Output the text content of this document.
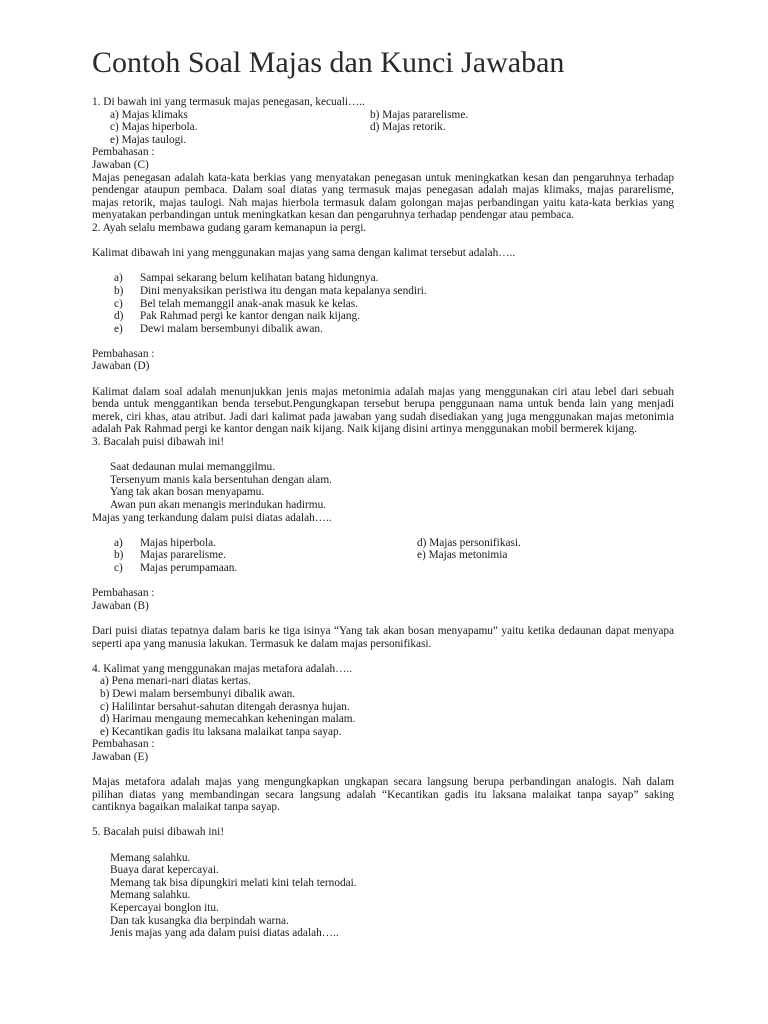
Contoh Soal Majas dan Kunci Jawaban

1. Di bawah ini yang termasuk majas penegasan, kecuali…..

a) Majas klimaks	b) Majas pararelisme.
c) Majas hiperbola.	d) Majas retorik.
e) Majas taulogi.

Pembahasan :

Jawaban (C)

Majas penegasan adalah kata-kata berkias yang menyatakan penegasan untuk meningkatkan kesan dan pengaruhnya terhadap pendengar ataupun pembaca. Dalam soal diatas yang termasuk majas penegasan adalah majas klimaks, majas pararelisme, majas retorik, majas taulogi. Nah majas hierbola termasuk dalam golongan majas perbandingan yaitu kata-kata berkias yang menyatakan perbandingan untuk meningkatkan kesan dan pengaruhnya terhadap pendengar atau pembaca.

2. Ayah selalu membawa gudang garam kemanapun ia pergi.

Kalimat dibawah ini yang menggunakan majas yang sama dengan kalimat tersebut adalah…..

a) Sampai sekarang belum kelihatan batang hidungnya.
b) Dini menyaksikan peristiwa itu dengan mata kepalanya sendiri.
c) Bel telah memanggil anak-anak masuk ke kelas.
d) Pak Rahmad pergi ke kantor dengan naik kijang.
e) Dewi malam bersembunyi dibalik awan.

Pembahasan :

Jawaban (D)

Kalimat dalam soal adalah menunjukkan jenis majas metonimia adalah majas yang menggunakan ciri atau lebel dari sebuah benda untuk menggantikan benda tersebut.Pengungkapan tersebut berupa penggunaan nama untuk benda lain yang menjadi merek, ciri khas, atau atribut. Jadi dari kalimat pada jawaban yang sudah disediakan yang juga menggunakan majas metonimia adalah Pak Rahmad pergi ke kantor dengan naik kijang. Naik kijang disini artinya menggunakan mobil bermerek kijang.

3. Bacalah puisi dibawah ini!

Saat dedaunan mulai memanggilmu.

Tersenyum manis kala bersentuhan dengan alam.

Yang tak akan bosan menyapamu.

Awan pun akan menangis merindukan hadirmu.

Majas yang terkandung dalam puisi diatas adalah…..

a) Majas hiperbola.	d) Majas personifikasi.
b) Majas pararelisme.	e) Majas metonimia
c) Majas perumpamaan.

Pembahasan :

Jawaban (B)

Dari puisi diatas tepatnya dalam baris ke tiga isinya “Yang tak akan bosan menyapamu” yaitu ketika dedaunan dapat menyapa seperti apa yang manusia lakukan. Termasuk ke dalam majas personifikasi.

4. Kalimat yang menggunakan majas metafora adalah…..

a) Pena menari-nari diatas kertas.

b) Dewi malam bersembunyi dibalik awan.

c) Halilintar bersahut-sahutan ditengah derasnya hujan.

d) Harimau mengaung memecahkan keheningan malam.

e) Kecantikan gadis itu laksana malaikat tanpa sayap.

Pembahasan :

Jawaban (E)

Majas metafora adalah majas yang mengungkapkan ungkapan secara langsung berupa perbandingan analogis. Nah dalam pilihan diatas yang membandingan secara langsung adalah “Kecantikan gadis itu laksana malaikat tanpa sayap” saking cantiknya bagaikan malaikat tanpa sayap.

5. Bacalah puisi dibawah ini!

Memang salahku.

Buaya darat kepercayai.

Memang tak bisa dipungkiri melati kini telah ternodai.

Memang salahku.

Kepercayai bonglon itu.

Dan tak kusangka dia berpindah warna.

Jenis majas yang ada dalam puisi diatas adalah…..
